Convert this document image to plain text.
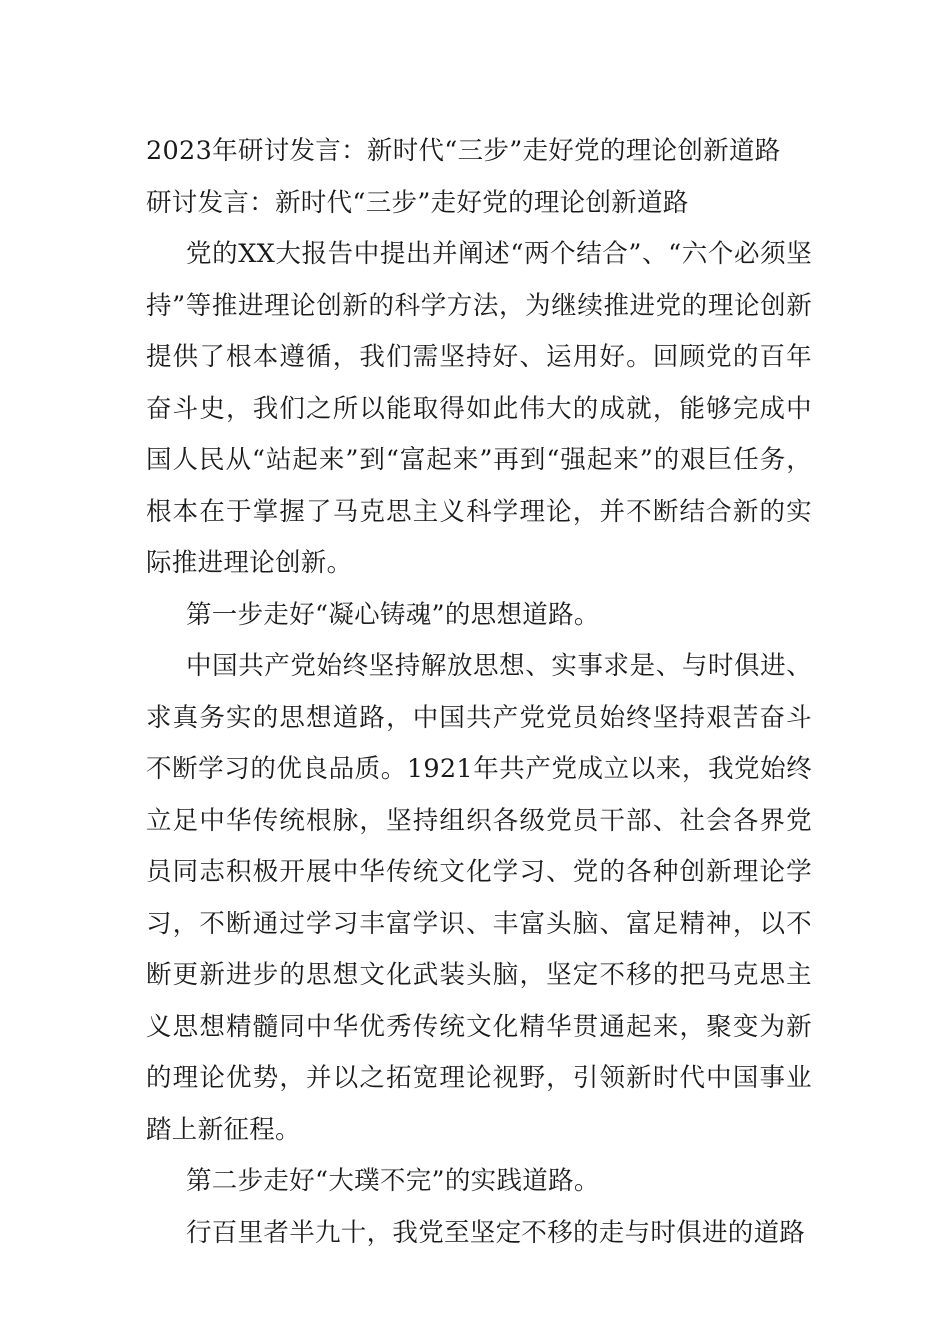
2023年研讨发言：新时代“三步”走好党的理论创新道路

研讨发言：新时代“三步”走好党的理论创新道路

党的XX大报告中提出并阐述“两个结合”、“六个必须坚持”等推进理论创新的科学方法，为继续推进党的理论创新提供了根本遵循，我们需坚持好、运用好。回顾党的百年奋斗史，我们之所以能取得如此伟大的成就，能够完成中国人民从“站起来”到“富起来”再到“强起来”的艰巨任务，根本在于掌握了马克思主义科学理论，并不断结合新的实际推进理论创新。

第一步走好“凝心铸魂”的思想道路。

中国共产党始终坚持解放思想、实事求是、与时俱进、求真务实的思想道路，中国共产党党员始终坚持艰苦奋斗不断学习的优良品质。1921年共产党成立以来，我党始终立足中华传统根脉，坚持组织各级党员干部、社会各界党员同志积极开展中华传统文化学习、党的各种创新理论学习，不断通过学习丰富学识、丰富头脑、富足精神，以不断更新进步的思想文化武装头脑，坚定不移的把马克思主义思想精髓同中华优秀传统文化精华贯通起来，聚变为新的理论优势，并以之拓宽理论视野，引领新时代中国事业踏上新征程。

第二步走好“大璞不完”的实践道路。

行百里者半九十，我党至坚定不移的走与时俱进的道路
